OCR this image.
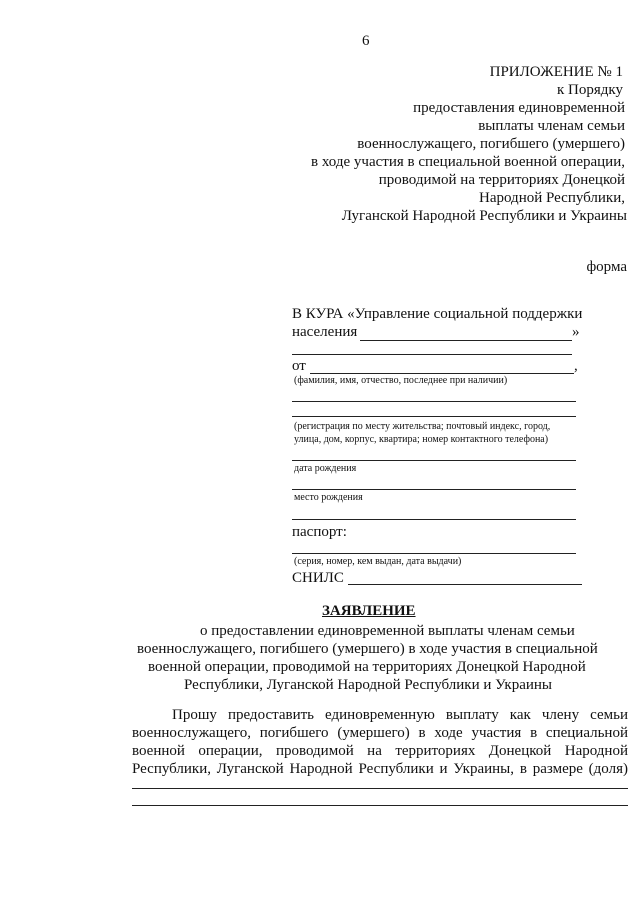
6
ПРИЛОЖЕНИЕ № 1
к Порядку
предоставления единовременной
выплаты членам семьи
военнослужащего, погибшего (умершего)
в ходе участия в специальной военной операции,
проводимой на территориях Донецкой
Народной Республики,
Луганской Народной Республики и Украины
форма
В КУРА «Управление социальной поддержки
населения	»
от	,
(фамилия, имя, отчество, последнее при наличии)
(регистрация по месту жительства; почтовый индекс, город,
улица, дом, корпус, квартира; номер контактного телефона)
дата рождения
место рождения
паспорт:
(серия, номер, кем выдан, дата выдачи)
СНИЛС
ЗАЯВЛЕНИЕ
о предоставлении единовременной выплаты членам семьи
военнослужащего, погибшего (умершего) в ходе участия в специальной
военной операции, проводимой на территориях Донецкой Народной
Республики, Луганской Народной Республики и Украины
Прошу предоставить единовременную выплату как члену семьи
военнослужащего, погибшего (умершего) в ходе участия в специальной
военной операции, проводимой на территориях Донецкой Народной
Республики, Луганской Народной Республики и Украины, в размере (доля)
